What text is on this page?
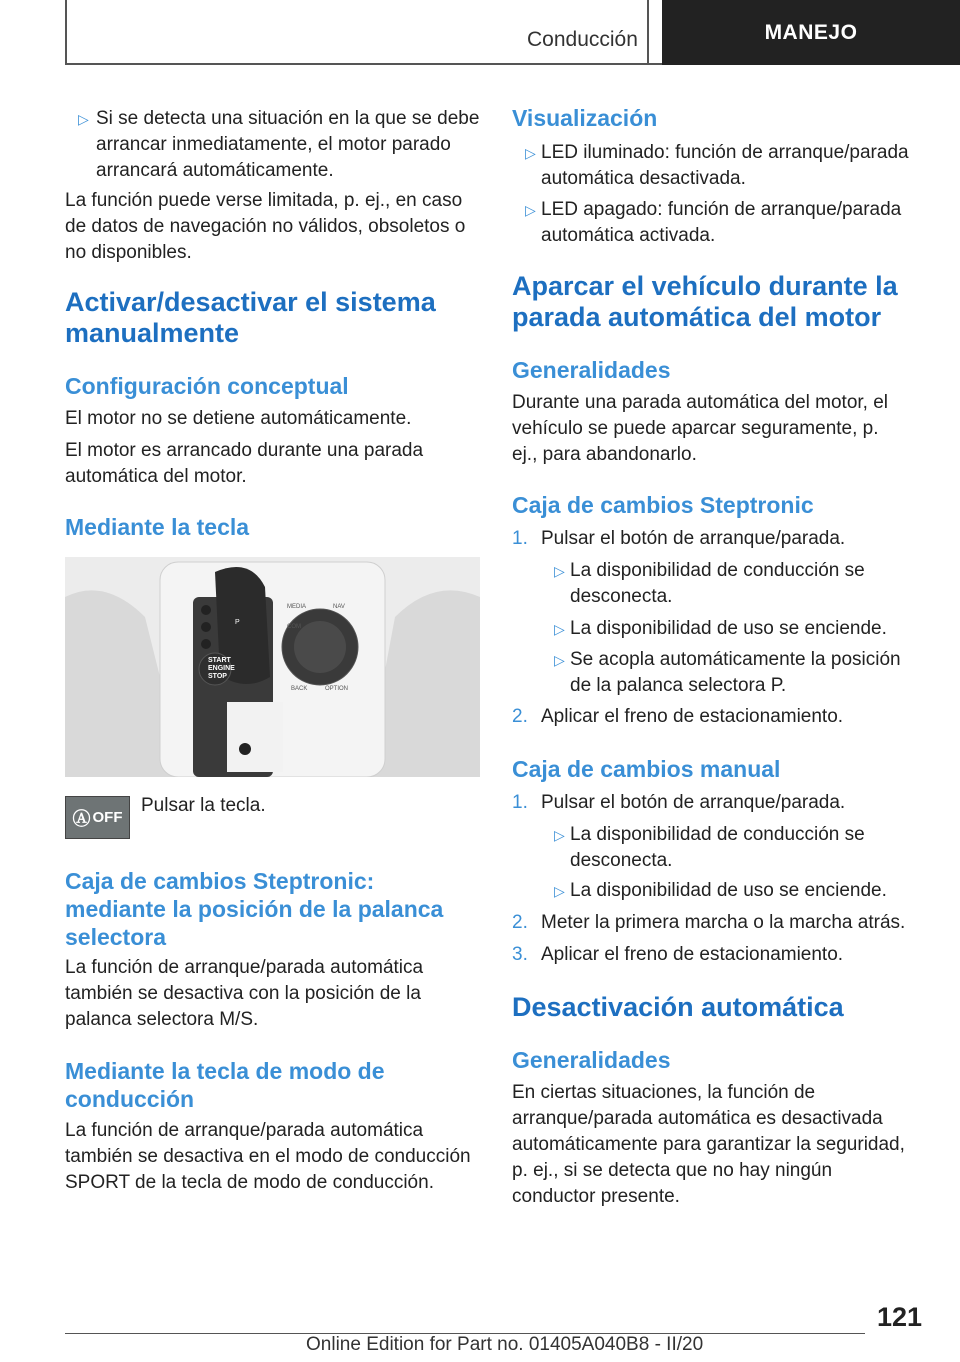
Conducción	MANEJO
▷ Si se detecta una situación en la que se debe arrancar inmediatamente, el motor parado arrancará automáticamente.
La función puede verse limitada, p. ej., en caso de datos de navegación no válidos, obsoletos o no disponibles.
Activar/desactivar el sistema manualmente
Configuración conceptual
El motor no se detiene automáticamente.
El motor es arrancado durante una parada automática del motor.
Mediante la tecla
START
ENGINE
STOP
MEDIA	NAV
COM
BACK	OPTION
P
Ⓐ OFF
Pulsar la tecla.
Caja de cambios Steptronic: mediante la posición de la palanca selectora
La función de arranque/parada automática también se desactiva con la posición de la palanca selectora M/S.
Mediante la tecla de modo de conducción
La función de arranque/parada automática también se desactiva en el modo de conducción SPORT de la tecla de modo de conducción.
Visualización
▷ LED iluminado: función de arranque/parada automática desactivada.
▷ LED apagado: función de arranque/parada automática activada.
Aparcar el vehículo durante la parada automática del motor
Generalidades
Durante una parada automática del motor, el vehículo se puede aparcar seguramente, p. ej., para abandonarlo.
Caja de cambios Steptronic
1. Pulsar el botón de arranque/parada.
▷ La disponibilidad de conducción se desconecta.
▷ La disponibilidad de uso se enciende.
▷ Se acopla automáticamente la posición de la palanca selectora P.
2. Aplicar el freno de estacionamiento.
Caja de cambios manual
1. Pulsar el botón de arranque/parada.
▷ La disponibilidad de conducción se desconecta.
▷ La disponibilidad de uso se enciende.
2. Meter la primera marcha o la marcha atrás.
3. Aplicar el freno de estacionamiento.
Desactivación automática
Generalidades
En ciertas situaciones, la función de arranque/parada automática es desactivada automáticamente para garantizar la seguridad, p. ej., si se detecta que no hay ningún conductor presente.
121
Online Edition for Part no. 01405A040B8 - II/20
